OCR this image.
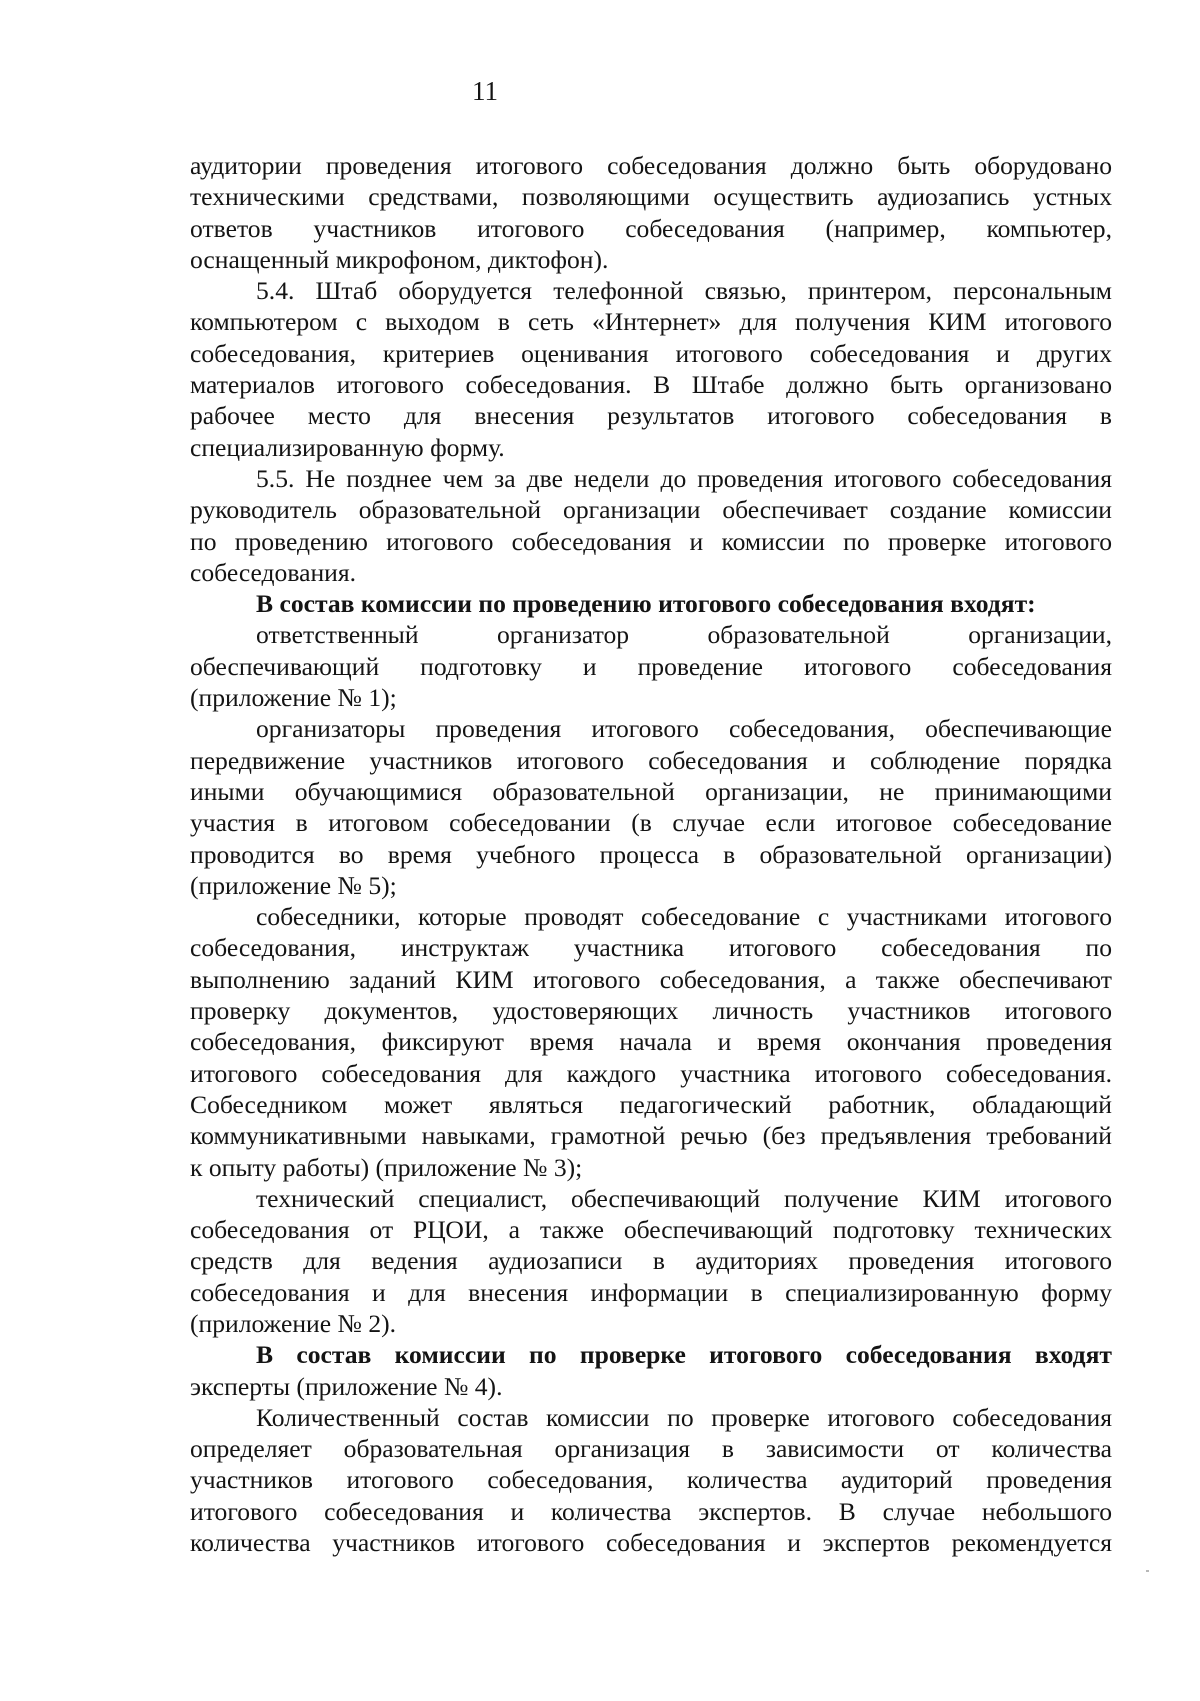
11

аудитории проведения итогового собеседования должно быть оборудовано
техническими средствами, позволяющими осуществить аудиозапись устных
ответов участников итогового собеседования (например, компьютер,
оснащенный микрофоном, диктофон).

5.4. Штаб оборудуется телефонной связью, принтером, персональным
компьютером с выходом в сеть «Интернет» для получения КИМ итогового
собеседования, критериев оценивания итогового собеседования и других
материалов итогового собеседования. В Штабе должно быть организовано
рабочее место для внесения результатов итогового собеседования в
специализированную форму.

5.5. Не позднее чем за две недели до проведения итогового собеседования
руководитель образовательной организации обеспечивает создание комиссии
по проведению итогового собеседования и комиссии по проверке итогового
собеседования.

В состав комиссии по проведению итогового собеседования входят:

ответственный организатор образовательной организации,
обеспечивающий подготовку и проведение итогового собеседования
(приложение № 1);

организаторы проведения итогового собеседования, обеспечивающие
передвижение участников итогового собеседования и соблюдение порядка
иными обучающимися образовательной организации, не принимающими
участия в итоговом собеседовании (в случае если итоговое собеседование
проводится во время учебного процесса в образовательной организации)
(приложение № 5);

собеседники, которые проводят собеседование с участниками итогового
собеседования, инструктаж участника итогового собеседования по
выполнению заданий КИМ итогового собеседования, а также обеспечивают
проверку документов, удостоверяющих личность участников итогового
собеседования, фиксируют время начала и время окончания проведения
итогового собеседования для каждого участника итогового собеседования.
Собеседником может являться педагогический работник, обладающий
коммуникативными навыками, грамотной речью (без предъявления требований
к опыту работы) (приложение № 3);

технический специалист, обеспечивающий получение КИМ итогового
собеседования от РЦОИ, а также обеспечивающий подготовку технических
средств для ведения аудиозаписи в аудиториях проведения итогового
собеседования и для внесения информации в специализированную форму
(приложение № 2).

В состав комиссии по проверке итогового собеседования входят
эксперты (приложение № 4).

Количественный состав комиссии по проверке итогового собеседования
определяет образовательная организация в зависимости от количества
участников итогового собеседования, количества аудиторий проведения
итогового собеседования и количества экспертов. В случае небольшого
количества участников итогового собеседования и экспертов рекомендуется
